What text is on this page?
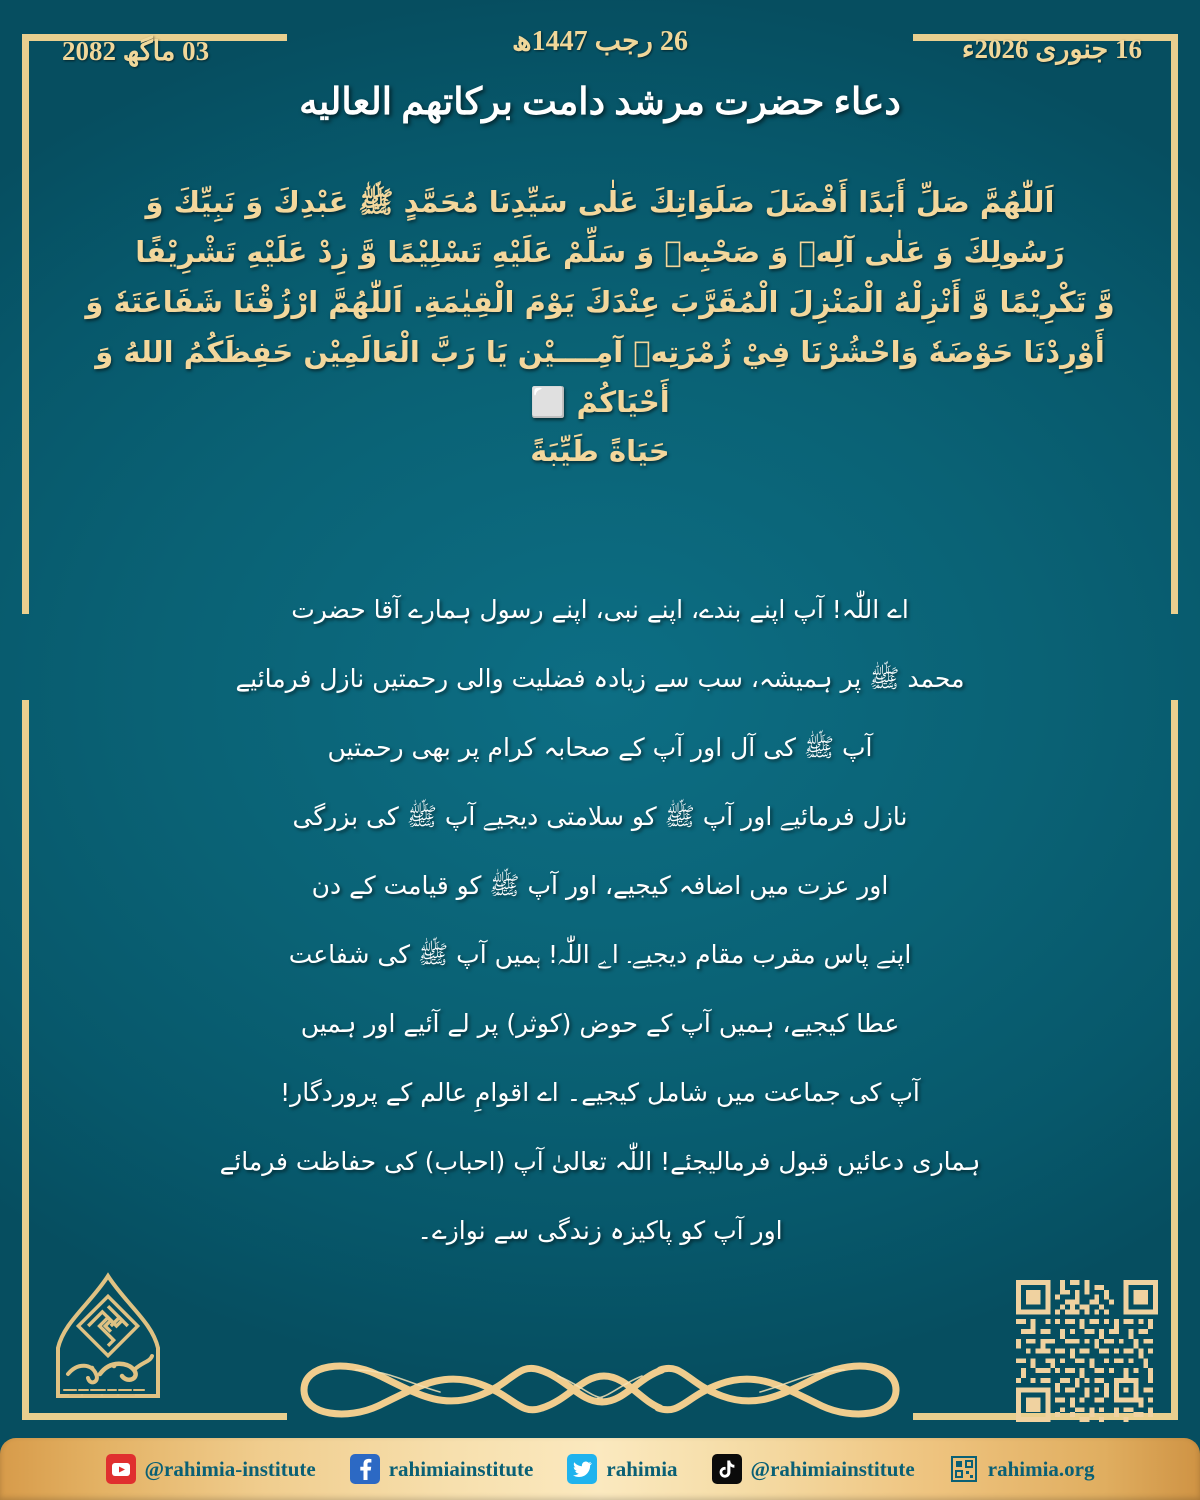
03 ماگھ 2082	26 رجب 1447ھ	16 جنوری 2026ء
دعاء حضرت مرشد دامت برکاتهم العالیه
اَللّٰهُمَّ صَلِّ أَبَدًا أَفْضَلَ صَلَوَاتِكَ عَلٰى سَيِّدِنَا مُحَمَّدٍ ﷺ عَبْدِكَ وَ نَبِيِّكَ وَ
رَسُولِكَ وَ عَلٰى آلِهٖ وَ صَحْبِهٖ وَ سَلِّمْ عَلَيْهِ تَسْلِيْمًا وَّ زِدْ عَلَيْهِ تَشْرِيْفًا
وَّ تَكْرِيْمًا وَّ أَنْزِلْهُ الْمَنْزِلَ الْمُقَرَّبَ عِنْدَكَ يَوْمَ الْقِيٰمَةِ. اَللّٰهُمَّ ارْزُقْنَا شَفَاعَتَهٗ وَ
أَوْرِدْنَا حَوْضَهٗ وَاحْشُرْنَا فِيْ زُمْرَتِهٖ آمِــــيْن يَا رَبَّ الْعَالَمِيْن حَفِظَكُمُ اللهُ وَ أَحْيَاكُمْ ⬜
حَيَاةً طَيِّبَةً
اے اللّٰہ! آپ اپنے بندے، اپنے نبی، اپنے رسول ہمارے آقا حضرت
محمد ﷺ پر ہمیشہ، سب سے زیادہ فضلیت والی رحمتیں نازل فرمائیے
آپ ﷺ کی آل اور آپ کے صحابہ کرام پر بھی رحمتیں
نازل فرمائیے اور آپ ﷺ کو سلامتی دیجیے آپ ﷺ کی بزرگی
اور عزت میں اضافہ کیجیے، اور آپ ﷺ کو قیامت کے دن
اپنے پاس مقرب مقام دیجیے۔ اے اللّٰہ! ہمیں آپ ﷺ کی شفاعت
عطا کیجیے، ہمیں آپ کے حوض (کوثر) پر لے آئیے اور ہمیں
آپ کی جماعت میں شامل کیجیے۔ اے اقوامِ عالم کے پروردگار!
ہماری دعائیں قبول فرمالیجئے! اللّٰہ تعالیٰ آپ (احباب) کی حفاظت فرمائے
اور آپ کو پاکیزہ زندگی سے نوازے۔
@rahimia-institute	rahimiainstitute	rahimia	@rahimiainstitute	rahimia.org
